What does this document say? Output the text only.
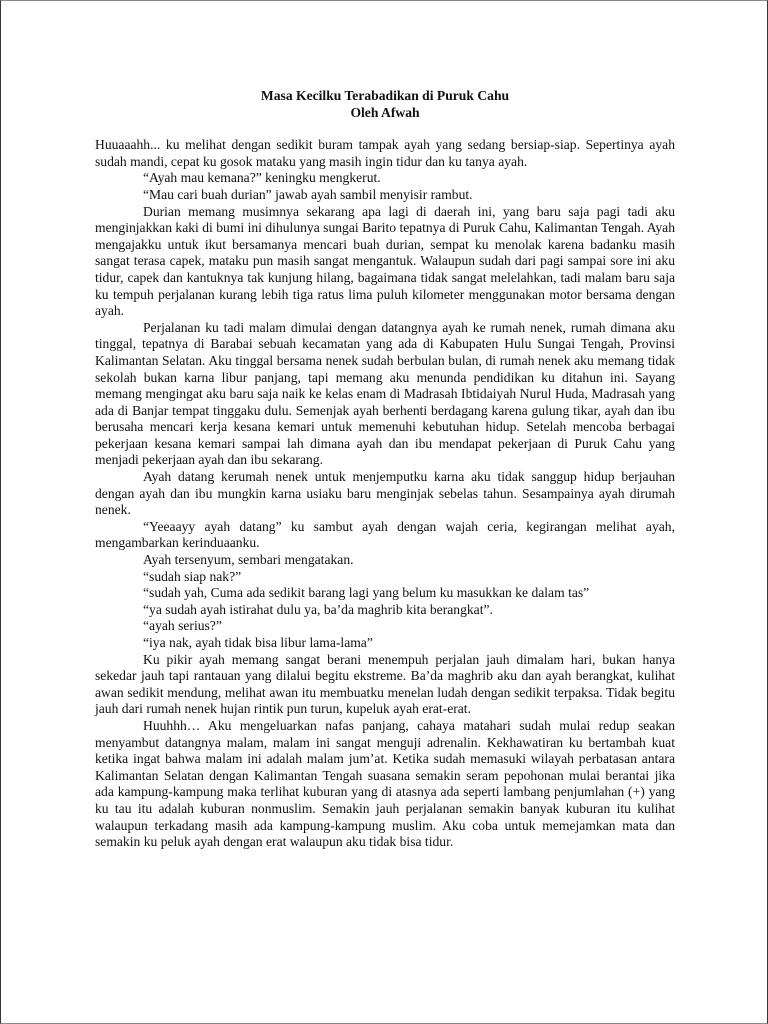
Masa Kecilku Terabadikan di Puruk Cahu
Oleh Afwah

Huuaaahh... ku melihat dengan sedikit buram tampak ayah yang sedang bersiap-siap. Sepertinya ayah sudah mandi, cepat ku gosok mataku yang masih ingin tidur dan ku tanya ayah.

“Ayah mau kemana?” keningku mengkerut.

“Mau cari buah durian” jawab ayah sambil menyisir rambut.

Durian memang musimnya sekarang apa lagi di daerah ini, yang baru saja pagi tadi aku menginjakkan kaki di bumi ini dihulunya sungai Barito tepatnya di Puruk Cahu, Kalimantan Tengah. Ayah mengajakku untuk ikut bersamanya mencari buah durian, sempat ku menolak karena badanku masih sangat terasa capek, mataku pun masih sangat mengantuk. Walaupun sudah dari pagi sampai sore ini aku tidur, capek dan kantuknya tak kunjung hilang, bagaimana tidak sangat melelahkan, tadi malam baru saja ku tempuh perjalanan kurang lebih tiga ratus lima puluh kilometer menggunakan motor bersama dengan ayah.

Perjalanan ku tadi malam dimulai dengan datangnya ayah ke rumah nenek, rumah dimana aku tinggal, tepatnya di Barabai sebuah kecamatan yang ada di Kabupaten Hulu Sungai Tengah, Provinsi Kalimantan Selatan. Aku tinggal bersama nenek sudah berbulan bulan, di rumah nenek aku memang tidak sekolah bukan karna libur panjang, tapi memang aku menunda pendidikan ku ditahun ini. Sayang memang mengingat aku baru saja naik ke kelas enam di Madrasah Ibtidaiyah Nurul Huda, Madrasah yang ada di Banjar tempat tinggaku dulu. Semenjak ayah berhenti berdagang karena gulung tikar, ayah dan ibu berusaha mencari kerja kesana kemari untuk memenuhi kebutuhan hidup. Setelah mencoba berbagai pekerjaan kesana kemari sampai lah dimana ayah dan ibu mendapat pekerjaan di Puruk Cahu yang menjadi pekerjaan ayah dan ibu sekarang.

Ayah datang kerumah nenek untuk menjemputku karna aku tidak sanggup hidup berjauhan dengan ayah dan ibu mungkin karna usiaku baru menginjak sebelas tahun. Sesampainya ayah dirumah nenek.

“Yeeaayy ayah datang” ku sambut ayah dengan wajah ceria, kegirangan melihat ayah, mengambarkan kerinduaanku.

Ayah tersenyum, sembari mengatakan.

“sudah siap nak?”

“sudah yah, Cuma ada sedikit barang lagi yang belum ku masukkan ke dalam tas”

“ya sudah ayah istirahat dulu ya, ba’da maghrib kita berangkat”.

“ayah serius?”

“iya nak, ayah tidak bisa libur lama-lama”

Ku pikir ayah memang sangat berani menempuh perjalan jauh dimalam hari, bukan hanya sekedar jauh tapi rantauan yang dilalui begitu ekstreme. Ba’da maghrib aku dan ayah berangkat, kulihat awan sedikit mendung, melihat awan itu membuatku menelan ludah dengan sedikit terpaksa. Tidak begitu jauh dari rumah nenek hujan rintik pun turun, kupeluk ayah erat-erat.

Huuhhh… Aku mengeluarkan nafas panjang, cahaya matahari sudah mulai redup seakan menyambut datangnya malam, malam ini sangat menguji adrenalin. Kekhawatiran ku bertambah kuat ketika ingat bahwa malam ini adalah malam jum’at. Ketika sudah memasuki wilayah perbatasan antara Kalimantan Selatan dengan Kalimantan Tengah suasana semakin seram pepohonan mulai berantai jika ada kampung-kampung maka terlihat kuburan yang di atasnya ada seperti lambang penjumlahan (+) yang ku tau itu adalah kuburan nonmuslim. Semakin jauh perjalanan semakin banyak kuburan itu kulihat walaupun terkadang masih ada kampung-kampung muslim. Aku coba untuk memejamkan mata dan semakin ku peluk ayah dengan erat walaupun aku tidak bisa tidur.
